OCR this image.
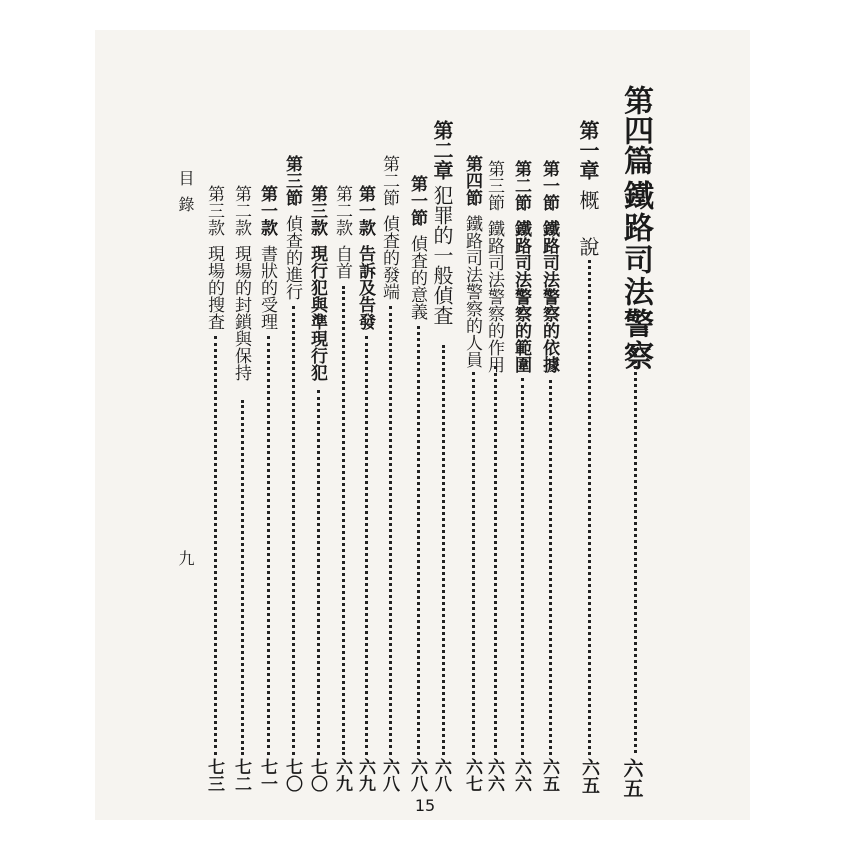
第四篇
鐵路司法警察
六五
第一章
概 說
六五
第一節
鐵路司法警察的依據
六五
第二節
鐵路司法警察的範圍
六六
第三節
鐵路司法警察的作用
六六
第四節
鐵路司法警察的人員
六七
第二章
犯罪的一般偵査
六八
第一節
偵査的意義
六八
第二節
偵査的發端
六八
第一款
告訴及告發
六九
第二款
自首
六九
第三款
現行犯與準現行犯
七〇
第三節
偵查的進行
七〇
第一款
書狀的受理
七一
第二款
現場的封鎖與保持
七二
第三款
現場的搜査
七三
目錄
九
15
